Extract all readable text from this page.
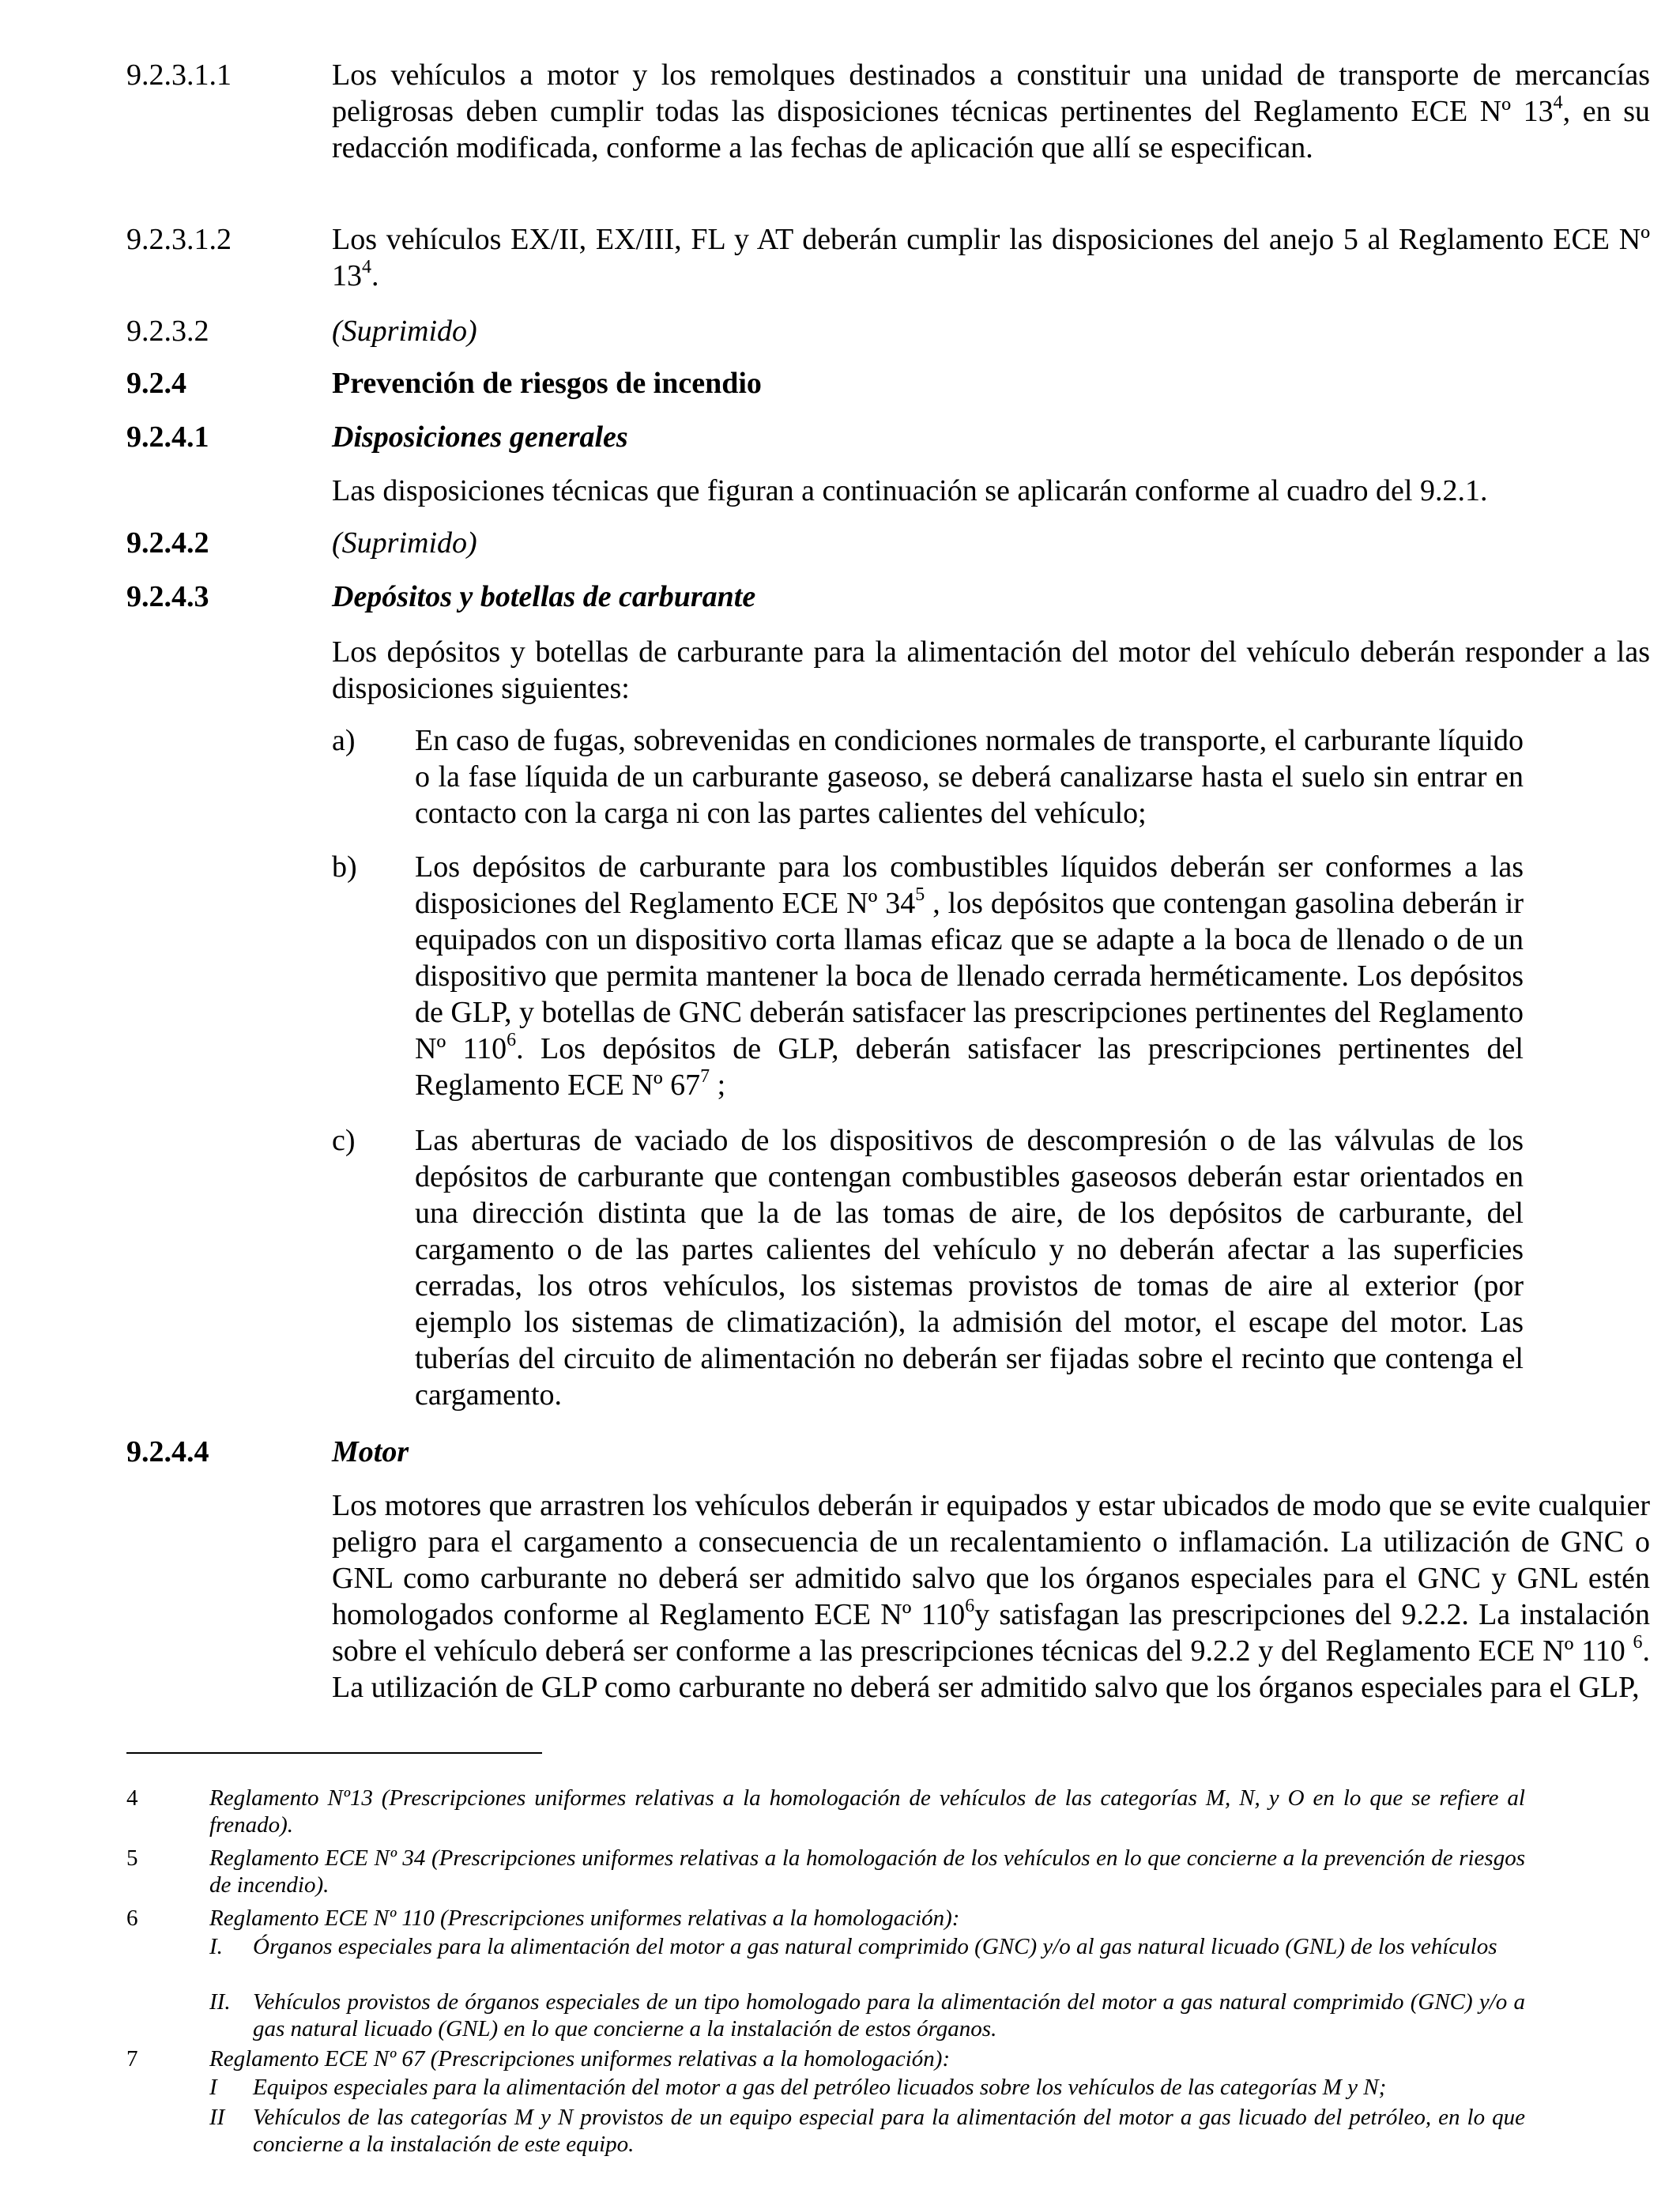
9.2.3.1.1	Los vehículos a motor y los remolques destinados a constituir una unidad de transporte de mercancías peligrosas deben cumplir todas las disposiciones técnicas pertinentes del Reglamento ECE Nº $13^4$, en su redacción modificada, conforme a las fechas de aplicación que allí se especifican.
9.2.3.1.2	Los vehículos EX/II, EX/III, FL y AT deberán cumplir las disposiciones del anejo 5 al Reglamento ECE Nº $13^4$.
9.2.3.2	(Suprimido)
9.2.4	Prevención de riesgos de incendio
9.2.4.1	Disposiciones generales
Las disposiciones técnicas que figuran a continuación se aplicarán conforme al cuadro del 9.2.1.
9.2.4.2	(Suprimido)
9.2.4.3	Depósitos y botellas de carburante
Los depósitos y botellas de carburante para la alimentación del motor del vehículo deberán responder a las disposiciones siguientes:
a) En caso de fugas, sobrevenidas en condiciones normales de transporte, el carburante líquido o la fase líquida de un carburante gaseoso, se deberá canalizarse hasta el suelo sin entrar en contacto con la carga ni con las partes calientes del vehículo;
b) Los depósitos de carburante para los combustibles líquidos deberán ser conformes a las disposiciones del Reglamento ECE Nº $34^5$ , los depósitos que contengan gasolina deberán ir equipados con un dispositivo corta llamas eficaz que se adapte a la boca de llenado o de un dispositivo que permita mantener la boca de llenado cerrada herméticamente. Los depósitos de GLP, y botellas de GNC deberán satisfacer las prescripciones pertinentes del Reglamento Nº $110^6$. Los depósitos de GLP, deberán satisfacer las prescripciones pertinentes del Reglamento ECE Nº $67^7$ ;
c) Las aberturas de vaciado de los dispositivos de descompresión o de las válvulas de los depósitos de carburante que contengan combustibles gaseosos deberán estar orientados en una dirección distinta que la de las tomas de aire, de los depósitos de carburante, del cargamento o de las partes calientes del vehículo y no deberán afectar a las superficies cerradas, los otros vehículos, los sistemas provistos de tomas de aire al exterior (por ejemplo los sistemas de climatización), la admisión del motor, el escape del motor. Las tuberías del circuito de alimentación no deberán ser fijadas sobre el recinto que contenga el cargamento.
9.2.4.4	Motor
Los motores que arrastren los vehículos deberán ir equipados y estar ubicados de modo que se evite cualquier peligro para el cargamento a consecuencia de un recalentamiento o inflamación. La utilización de GNC o GNL como carburante no deberá ser admitido salvo que los órganos especiales para el GNC y GNL estén homologados conforme al Reglamento ECE Nº $110^6y$ satisfagan las prescripciones del 9.2.2. La instalación sobre el vehículo deberá ser conforme a las prescripciones técnicas del 9.2.2 y del Reglamento ECE Nº 110 $^6$. La utilización de GLP como carburante no deberá ser admitido salvo que los órganos especiales para el GLP,
4	Reglamento Nº13 (Prescripciones uniformes relativas a la homologación de vehículos de las categorías M, N, y O en lo que se refiere al frenado).
5	Reglamento ECE Nº 34 (Prescripciones uniformes relativas a la homologación de los vehículos en lo que concierne a la prevención de riesgos de incendio).
6	Reglamento ECE Nº 110 (Prescripciones uniformes relativas a la homologación):
I. Órganos especiales para la alimentación del motor a gas natural comprimido (GNC) y/o al gas natural licuado (GNL) de los vehículos
II. Vehículos provistos de órganos especiales de un tipo homologado para la alimentación del motor a gas natural comprimido (GNC) y/o a gas natural licuado (GNL) en lo que concierne a la instalación de estos órganos.
7	Reglamento ECE Nº 67 (Prescripciones uniformes relativas a la homologación):
I Equipos especiales para la alimentación del motor a gas del petróleo licuados sobre los vehículos de las categorías M y N;
II Vehículos de las categorías M y N provistos de un equipo especial para la alimentación del motor a gas licuado del petróleo, en lo que concierne a la instalación de este equipo.
